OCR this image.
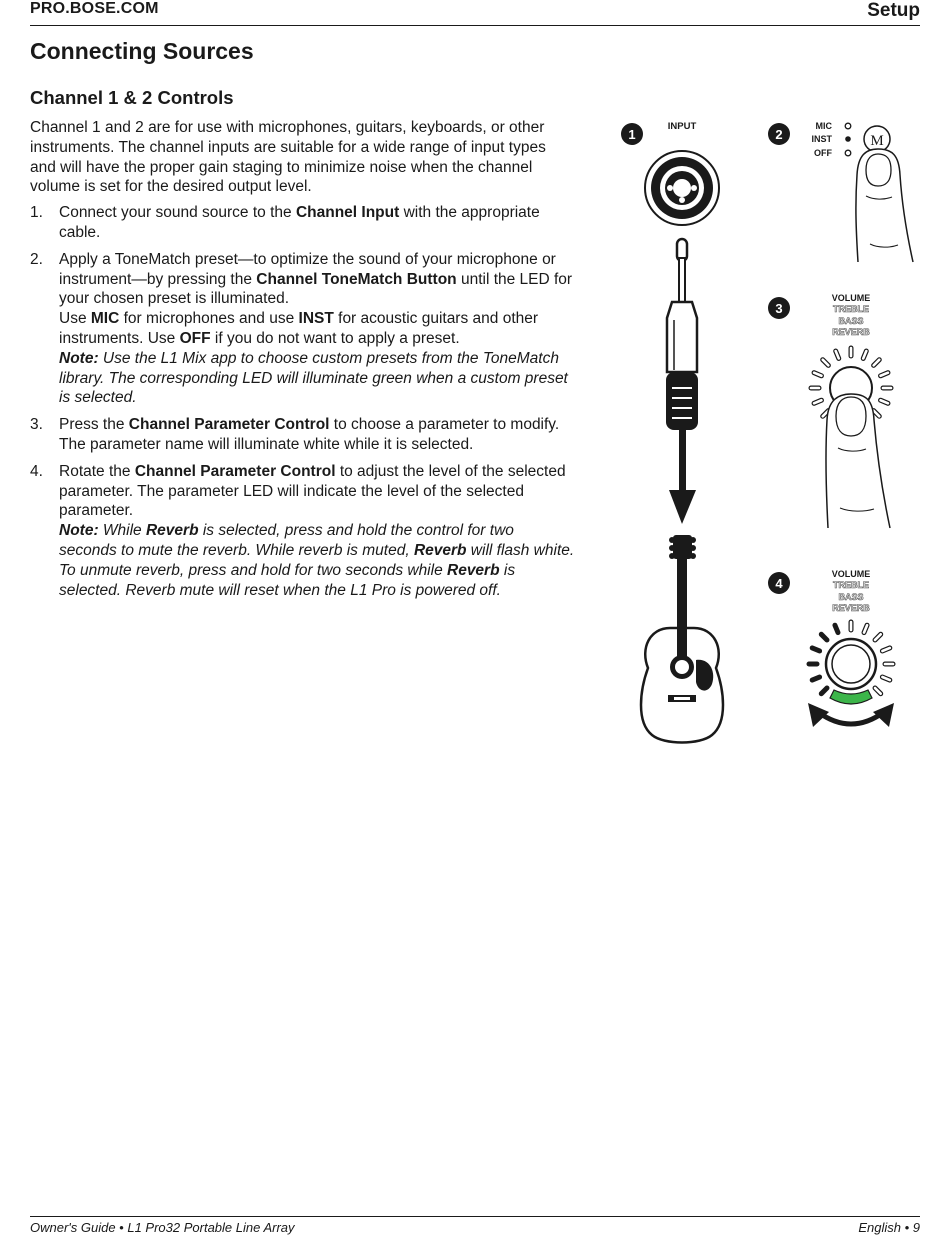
PRO.BOSE.COM	Setup
Connecting Sources
Channel 1 & 2 Controls

Channel 1 and 2 are for use with microphones, guitars, keyboards, or other instruments. The channel inputs are suitable for a wide range of input types and will have the proper gain staging to minimize noise when the channel volume is set for the desired output level.

1. Connect your sound source to the Channel Input with the appropriate cable.
2. Apply a ToneMatch preset—to optimize the sound of your microphone or instrument—by pressing the Channel ToneMatch Button until the LED for your chosen preset is illuminated.
Use MIC for microphones and use INST for acoustic guitars and other instruments. Use OFF if you do not want to apply a preset.
Note: Use the L1 Mix app to choose custom presets from the ToneMatch library. The corresponding LED will illuminate green when a custom preset is selected.
3. Press the Channel Parameter Control to choose a parameter to modify. The parameter name will illuminate white while it is selected.
4. Rotate the Channel Parameter Control to adjust the level of the selected parameter. The parameter LED will indicate the level of the selected parameter.
Note: While Reverb is selected, press and hold the control for two seconds to mute the reverb. While reverb is muted, Reverb will flash white. To unmute reverb, press and hold for two seconds while Reverb is selected. Reverb mute will reset when the L1 Pro is powered off.
1
INPUT
2
MIC
INST
OFF
M
3
VOLUME
TREBLE
BASS
REVERB
4
VOLUME
TREBLE
BASS
REVERB
Owner's Guide • L1 Pro32 Portable Line Array	English • 9
